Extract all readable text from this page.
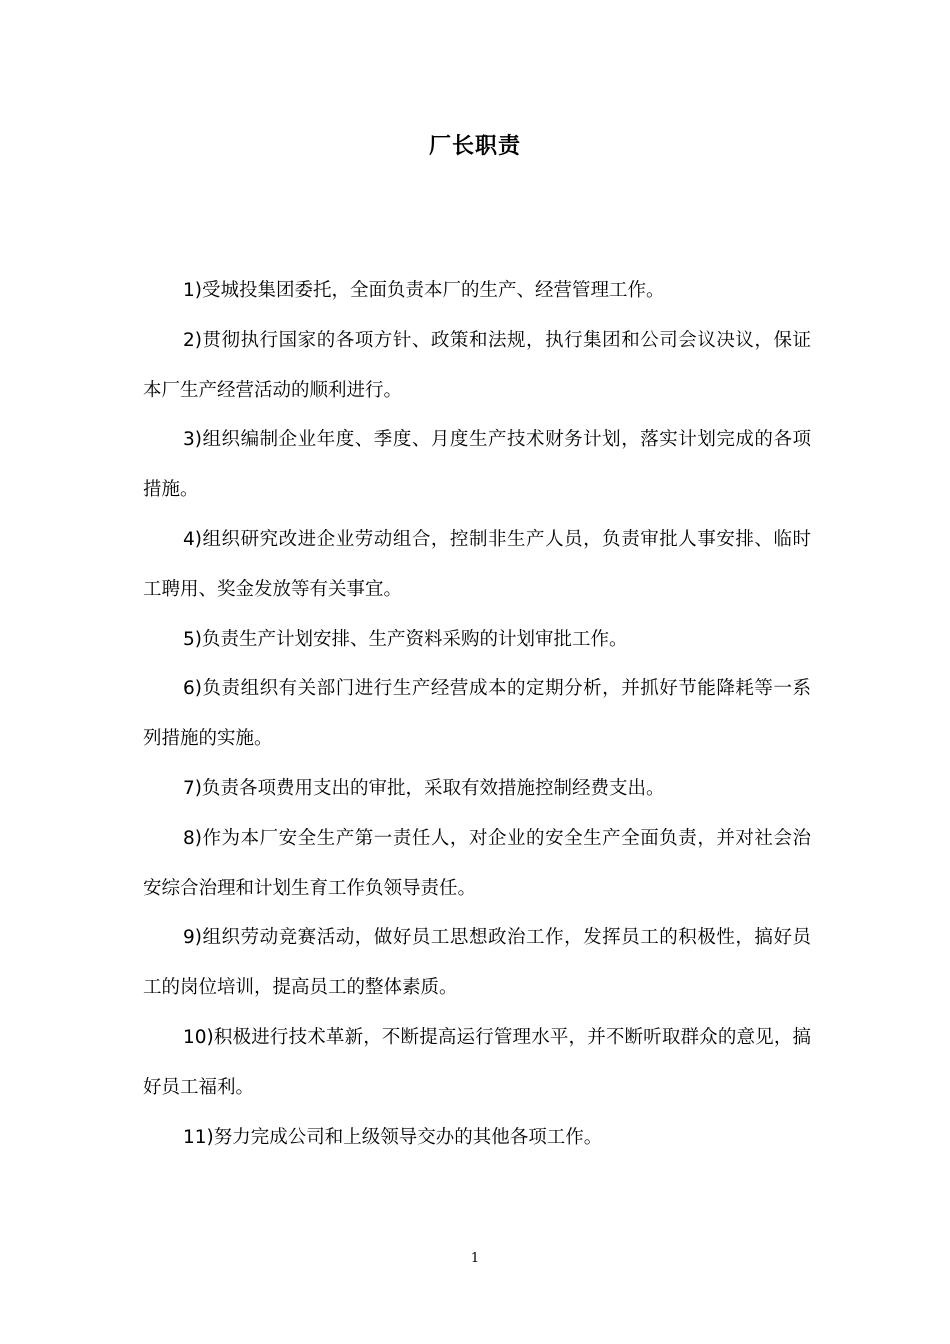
厂长职责

1)受城投集团委托，全面负责本厂的生产、经营管理工作。

2)贯彻执行国家的各项方针、政策和法规，执行集团和公司会议决议，保证本厂生产经营活动的顺利进行。

3)组织编制企业年度、季度、月度生产技术财务计划，落实计划完成的各项措施。

4)组织研究改进企业劳动组合，控制非生产人员，负责审批人事安排、临时工聘用、奖金发放等有关事宜。

5)负责生产计划安排、生产资料采购的计划审批工作。

6)负责组织有关部门进行生产经营成本的定期分析，并抓好节能降耗等一系列措施的实施。

7)负责各项费用支出的审批，采取有效措施控制经费支出。

8)作为本厂安全生产第一责任人，对企业的安全生产全面负责，并对社会治安综合治理和计划生育工作负领导责任。

9)组织劳动竞赛活动，做好员工思想政治工作，发挥员工的积极性，搞好员工的岗位培训，提高员工的整体素质。

10)积极进行技术革新，不断提高运行管理水平，并不断听取群众的意见，搞好员工福利。

11)努力完成公司和上级领导交办的其他各项工作。

1
